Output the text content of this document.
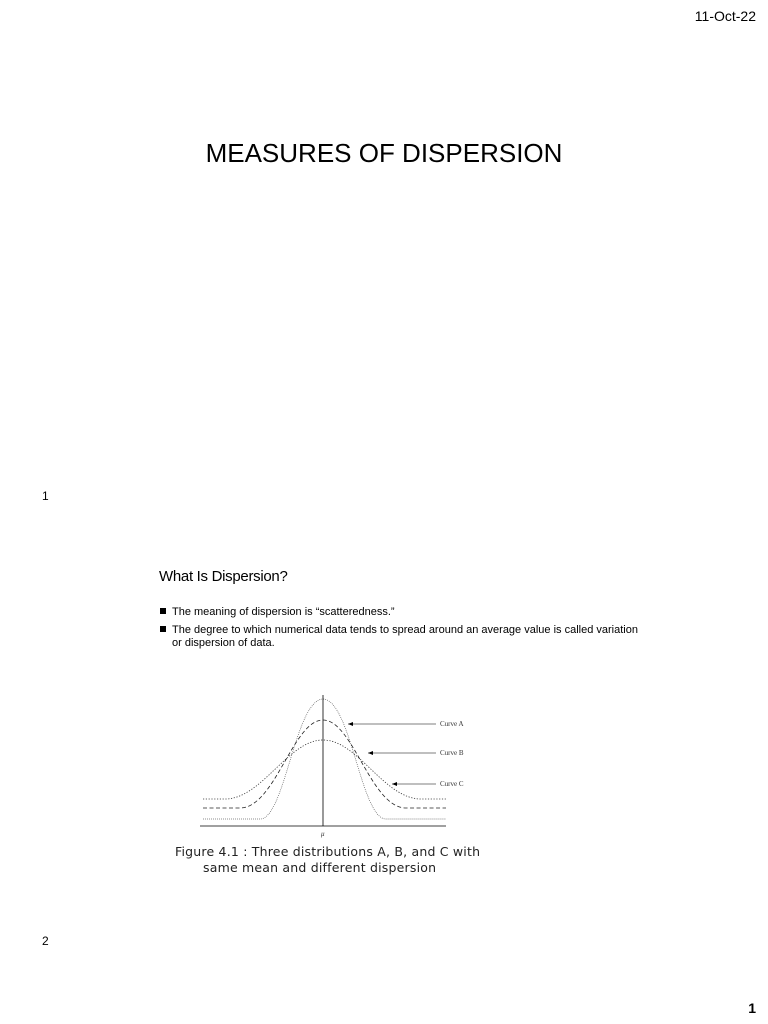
11-Oct-22
MEASURES OF DISPERSION
1
What Is Dispersion?
The meaning of dispersion is “scatteredness.”
The degree to which numerical data tends to spread around an average value is called variation or dispersion of data.
Curve A
Curve B
Curve C
μ
Figure 4.1 : Three distributions A, B, and C with
same mean and different dispersion
2
1
